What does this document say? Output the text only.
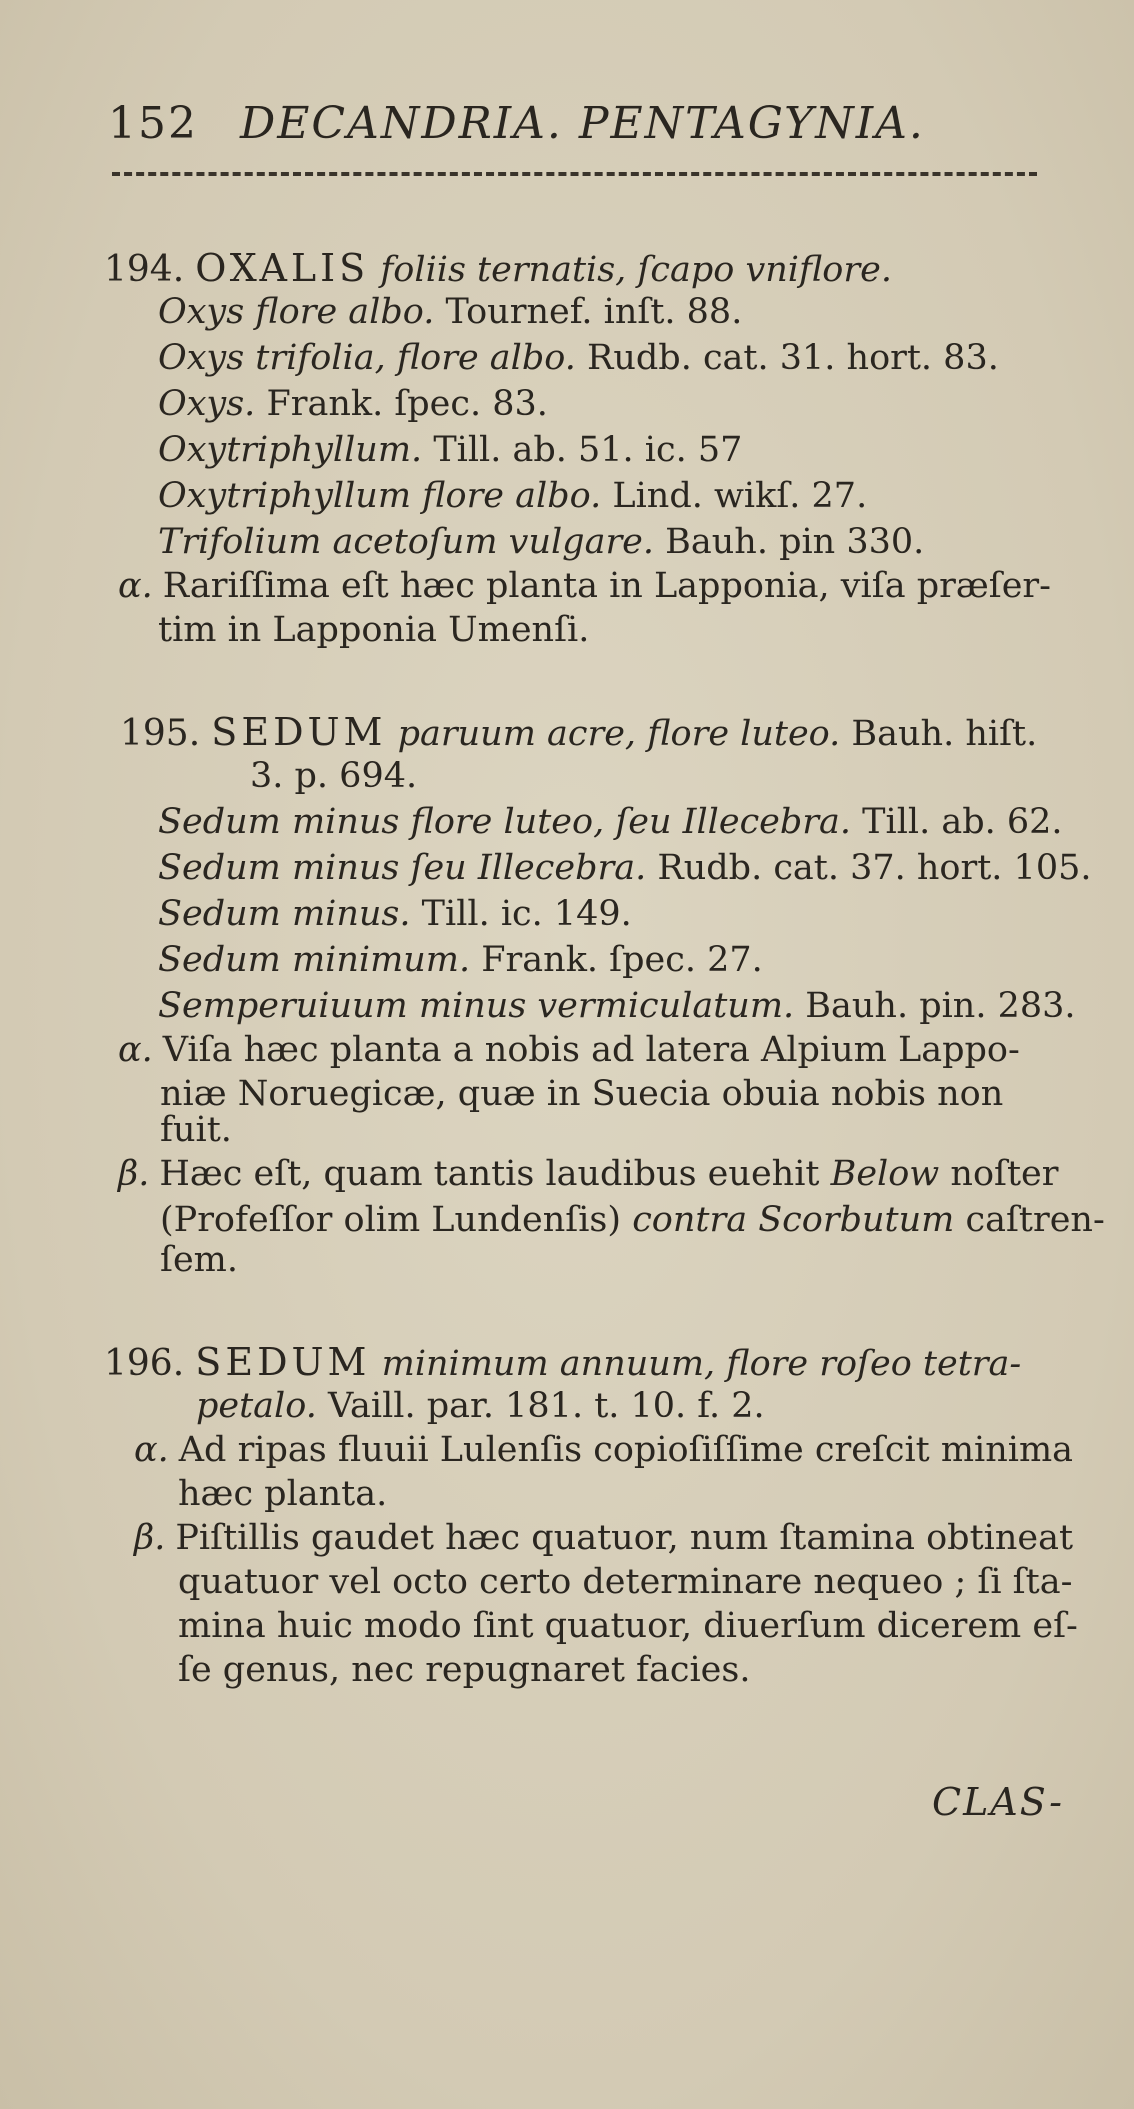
152 DECANDRIA. PENTAGYNIA.
194. OXALIS foliis ternatis, ſcapo vniflore.
Oxys flore albo. Tournef. inſt. 88.
Oxys trifolia, flore albo. Rudb. cat. 31. hort. 83.
Oxys. Frank. ſpec. 83.
Oxytriphyllum. Till. ab. 51. ic. 57
Oxytriphyllum flore albo. Lind. wikſ. 27.
Trifolium acetoſum vulgare. Bauh. pin 330.
α. Rariſſima eſt hæc planta in Lapponia, viſa præſer-
tim in Lapponia Umenſi.
195. SEDUM paruum acre, flore luteo. Bauh. hiſt.
3. p. 694.
Sedum minus flore luteo, ſeu Illecebra. Till. ab. 62.
Sedum minus ſeu Illecebra. Rudb. cat. 37. hort. 105.
Sedum minus. Till. ic. 149.
Sedum minimum. Frank. ſpec. 27.
Semperuiuum minus vermiculatum. Bauh. pin. 283.
α. Viſa hæc planta a nobis ad latera Alpium Lappo-
niæ Noruegicæ, quæ in Suecia obuia nobis non
fuit.
β. Hæc eſt, quam tantis laudibus euehit Below noſter
(Profeſſor olim Lundenſis) contra Scorbutum caſtren-
ſem.
196. SEDUM minimum annuum, flore roſeo tetra-
petalo. Vaill. par. 181. t. 10. f. 2.
α. Ad ripas fluuii Lulenſis copioſiſſime creſcit minima
hæc planta.
β. Piſtillis gaudet hæc quatuor, num ſtamina obtineat
quatuor vel octo certo determinare nequeo ; ſi ſta-
mina huic modo ſint quatuor, diuerſum dicerem eſ-
ſe genus, nec repugnaret facies.
CLAS-
